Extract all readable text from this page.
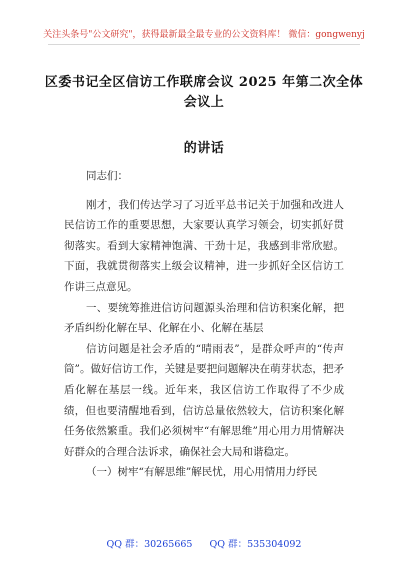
关注头条号"公文研究"，获得最新最全最专业的公文资料库！ 微信：gongwenyj
区委书记全区信访工作联席会议 2025 年第二次全体会议上
的讲话

同志们：

刚才，我们传达学习了习近平总书记关于加强和改进人民信访工作的重要思想，大家要认真学习领会，切实抓好贯彻落实。看到大家精神饱满、干劲十足，我感到非常欣慰。下面，我就贯彻落实上级会议精神，进一步抓好全区信访工作讲三点意见。

一、要统筹推进信访问题源头治理和信访积案化解，把矛盾纠纷化解在早、化解在小、化解在基层

信访问题是社会矛盾的“晴雨表”，是群众呼声的“传声筒”。做好信访工作，关键是要把问题解决在萌芽状态，把矛盾化解在基层一线。近年来，我区信访工作取得了不少成绩，但也要清醒地看到，信访总量依然较大，信访积案化解任务依然繁重。我们必须树牢“有解思维”用心用力用情解决好群众的合理合法诉求，确保社会大局和谐稳定。

（一）树牢“有解思维”解民忧，用心用情用力纾民

QQ 群：30265665 QQ 群：535304092
